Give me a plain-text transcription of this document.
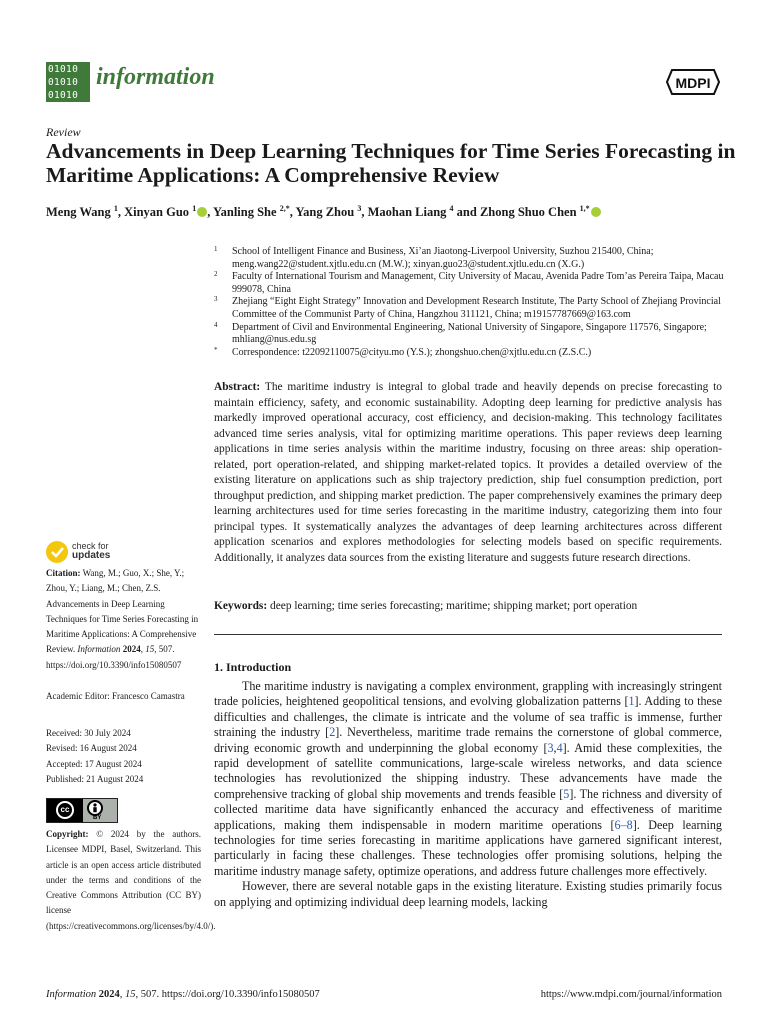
01010
01010
01010
information	MDPI
Review
Advancements in Deep Learning Techniques for Time Series Forecasting in Maritime Applications: A Comprehensive Review
Meng Wang $^1$, Xinyan Guo $^1$ , Yanling She $^{2,*}$, Yang Zhou $^3$, Maohan Liang $^4$ and Zhong Shuo Chen $^{1,*}$
1 School of Intelligent Finance and Business, Xi’an Jiaotong-Liverpool University, Suzhou 215400, China; meng.wang22@student.xjtlu.edu.cn (M.W.); xinyan.guo23@student.xjtlu.edu.cn (X.G.)
2 Faculty of International Tourism and Management, City University of Macau, Avenida Padre Tom’as Pereira Taipa, Macau 999078, China
3 Zhejiang “Eight Eight Strategy” Innovation and Development Research Institute, The Party School of Zhejiang Provincial Committee of the Communist Party of China, Hangzhou 311121, China; m19157787669@163.com
4 Department of Civil and Environmental Engineering, National University of Singapore, Singapore 117576, Singapore; mhliang@nus.edu.sg
* Correspondence: t22092110075@cityu.mo (Y.S.); zhongshuo.chen@xjtlu.edu.cn (Z.S.C.)
Abstract: The maritime industry is integral to global trade and heavily depends on precise forecasting to maintain efficiency, safety, and economic sustainability. Adopting deep learning for predictive analysis has markedly improved operational accuracy, cost efficiency, and decision-making. This technology facilitates advanced time series analysis, vital for optimizing maritime operations. This paper reviews deep learning applications in time series analysis within the maritime industry, focusing on three areas: ship operation-related, port operation-related, and shipping market-related topics. It provides a detailed overview of the existing literature on applications such as ship trajectory prediction, ship fuel consumption prediction, port throughput prediction, and shipping market prediction. The paper comprehensively examines the primary deep learning architectures used for time series forecasting in the maritime industry, categorizing them into four principal types. It systematically analyzes the advantages of deep learning architectures across different application scenarios and explores methodologies for selecting models based on specific requirements. Additionally, it analyzes data sources from the existing literature and suggests future research directions.
Keywords: deep learning; time series forecasting; maritime; shipping market; port operation
check for
updates
Citation: Wang, M.; Guo, X.; She, Y.; Zhou, Y.; Liang, M.; Chen, Z.S. Advancements in Deep Learning Techniques for Time Series Forecasting in Maritime Applications: A Comprehensive Review. Information 2024, 15, 507. https://doi.org/10.3390/info15080507
Academic Editor: Francesco Camastra
Received: 30 July 2024
Revised: 16 August 2024
Accepted: 17 August 2024
Published: 21 August 2024
cc
BY
Copyright: © 2024 by the authors. Licensee MDPI, Basel, Switzerland. This article is an open access article distributed under the terms and conditions of the Creative Commons Attribution (CC BY) license (https://creativecommons.org/licenses/by/4.0/).
1. Introduction

The maritime industry is navigating a complex environment, grappling with increasingly stringent trade policies, heightened geopolitical tensions, and evolving globalization patterns [1]. Adding to these difficulties and challenges, the climate is intricate and the volume of sea traffic is immense, further straining the industry [2]. Nevertheless, maritime trade remains the cornerstone of global commerce, driving economic growth and underpinning the global economy [3,4]. Amid these complexities, the rapid development of satellite communications, large-scale wireless networks, and data science technologies has revolutionized the shipping industry. These advancements have made the comprehensive tracking of global ship movements and trends feasible [5]. The richness and diversity of collected maritime data have significantly enhanced the accuracy and effectiveness of maritime applications, making them indispensable in modern maritime operations [6–8]. Deep learning technologies for time series forecasting in maritime applications have garnered significant interest, particularly in facing these challenges. These technologies offer promising solutions, helping the maritime industry manage safety, optimize operations, and address future challenges more effectively.

However, there are several notable gaps in the existing literature. Existing studies primarily focus on applying and optimizing individual deep learning models, lacking

Information 2024, 15, 507. https://doi.org/10.3390/info15080507	https://www.mdpi.com/journal/information
